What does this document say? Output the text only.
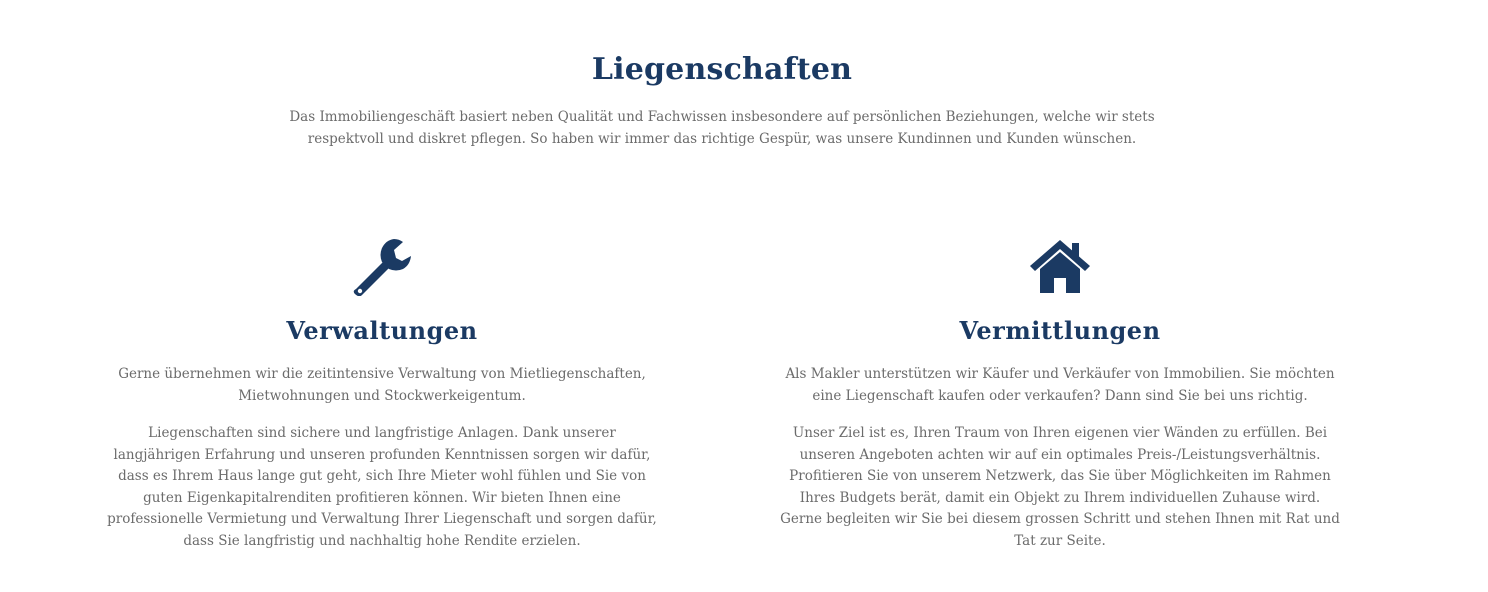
Liegenschaften

Das Immobiliengeschäft basiert neben Qualität und Fachwissen insbesondere auf persönlichen Beziehungen, welche wir stets respektvoll und diskret pflegen. So haben wir immer das richtige Gespür, was unsere Kundinnen und Kunden wünschen.

Verwaltungen

Gerne übernehmen wir die zeitintensive Verwaltung von Mietliegenschaften, Mietwohnungen und Stockwerkeigentum.

Liegenschaften sind sichere und langfristige Anlagen. Dank unserer langjährigen Erfahrung und unseren profunden Kenntnissen sorgen wir dafür, dass es Ihrem Haus lange gut geht, sich Ihre Mieter wohl fühlen und Sie von guten Eigenkapitalrenditen profitieren können. Wir bieten Ihnen eine professionelle Vermietung und Verwaltung Ihrer Liegenschaft und sorgen dafür, dass Sie langfristig und nachhaltig hohe Rendite erzielen.

Vermittlungen

Als Makler unterstützen wir Käufer und Verkäufer von Immobilien. Sie möchten eine Liegenschaft kaufen oder verkaufen? Dann sind Sie bei uns richtig.

Unser Ziel ist es, Ihren Traum von Ihren eigenen vier Wänden zu erfüllen. Bei unseren Angeboten achten wir auf ein optimales Preis-/Leistungsverhältnis. Profitieren Sie von unserem Netzwerk, das Sie über Möglichkeiten im Rahmen Ihres Budgets berät, damit ein Objekt zu Ihrem individuellen Zuhause wird. Gerne begleiten wir Sie bei diesem grossen Schritt und stehen Ihnen mit Rat und Tat zur Seite.
